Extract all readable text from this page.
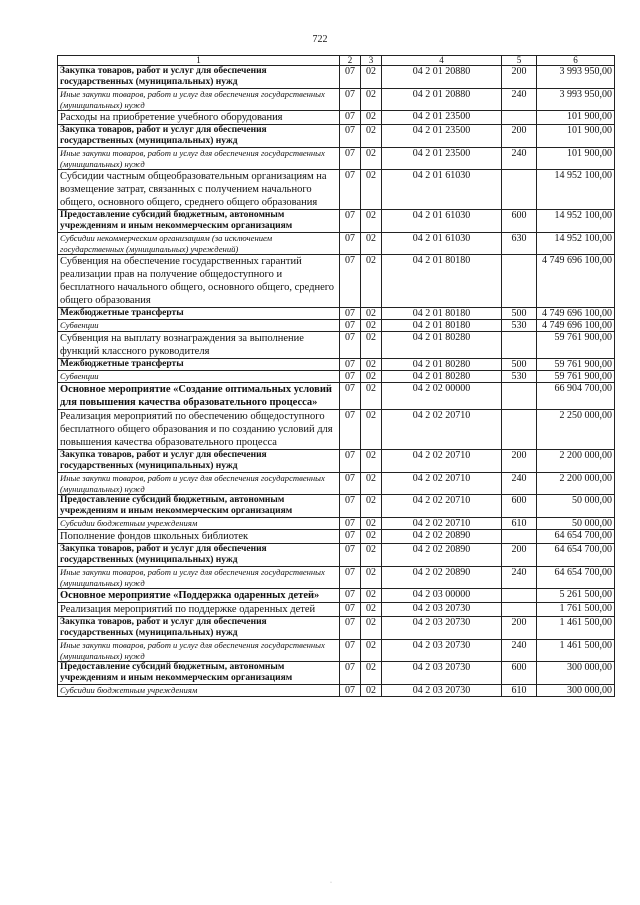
722
1	2	3	4	5	6
Закупка товаров, работ и услуг для обеспечения государственных (муниципальных) нужд	07	02	04 2 01 20880	200	3 993 950,00
Иные закупки товаров, работ и услуг для обеспечения государственных (муниципальных) нужд	07	02	04 2 01 20880	240	3 993 950,00
Расходы на приобретение учебного оборудования	07	02	04 2 01 23500		101 900,00
Закупка товаров, работ и услуг для обеспечения государственных (муниципальных) нужд	07	02	04 2 01 23500	200	101 900,00
Иные закупки товаров, работ и услуг для обеспечения государственных (муниципальных) нужд	07	02	04 2 01 23500	240	101 900,00
Субсидии частным общеобразовательным организациям на возмещение затрат, связанных с получением начального общего, основного общего, среднего общего образования	07	02	04 2 01 61030		14 952 100,00
Предоставление субсидий бюджетным, автономным учреждениям и иным некоммерческим организациям	07	02	04 2 01 61030	600	14 952 100,00
Субсидии некоммерческим организациям (за исключением государственных (муниципальных) учреждений)	07	02	04 2 01 61030	630	14 952 100,00
Субвенция на обеспечение государственных гарантий реализации прав на получение общедоступного и бесплатного начального общего, основного общего, среднего общего образования	07	02	04 2 01 80180		4 749 696 100,00
Межбюджетные трансферты	07	02	04 2 01 80180	500	4 749 696 100,00
Субвенции	07	02	04 2 01 80180	530	4 749 696 100,00
Субвенция на выплату вознаграждения за выполнение функций классного руководителя	07	02	04 2 01 80280		59 761 900,00
Межбюджетные трансферты	07	02	04 2 01 80280	500	59 761 900,00
Субвенции	07	02	04 2 01 80280	530	59 761 900,00
Основное мероприятие «Создание оптимальных условий для повышения качества образовательного процесса»	07	02	04 2 02 00000		66 904 700,00
Реализация мероприятий по обеспечению общедоступного бесплатного общего образования и по созданию условий для повышения качества образовательного процесса	07	02	04 2 02 20710		2 250 000,00
Закупка товаров, работ и услуг для обеспечения государственных (муниципальных) нужд	07	02	04 2 02 20710	200	2 200 000,00
Иные закупки товаров, работ и услуг для обеспечения государственных (муниципальных) нужд	07	02	04 2 02 20710	240	2 200 000,00
Предоставление субсидий бюджетным, автономным учреждениям и иным некоммерческим организациям	07	02	04 2 02 20710	600	50 000,00
Субсидии бюджетным учреждениям	07	02	04 2 02 20710	610	50 000,00
Пополнение фондов школьных библиотек	07	02	04 2 02 20890		64 654 700,00
Закупка товаров, работ и услуг для обеспечения государственных (муниципальных) нужд	07	02	04 2 02 20890	200	64 654 700,00
Иные закупки товаров, работ и услуг для обеспечения государственных (муниципальных) нужд	07	02	04 2 02 20890	240	64 654 700,00
Основное мероприятие «Поддержка одаренных детей»	07	02	04 2 03 00000		5 261 500,00
Реализация мероприятий по поддержке одаренных детей	07	02	04 2 03 20730		1 761 500,00
Закупка товаров, работ и услуг для обеспечения государственных (муниципальных) нужд	07	02	04 2 03 20730	200	1 461 500,00
Иные закупки товаров, работ и услуг для обеспечения государственных (муниципальных) нужд	07	02	04 2 03 20730	240	1 461 500,00
Предоставление субсидий бюджетным, автономным учреждениям и иным некоммерческим организациям	07	02	04 2 03 20730	600	300 000,00
Субсидии бюджетным учреждениям	07	02	04 2 03 20730	610	300 000,00
·
